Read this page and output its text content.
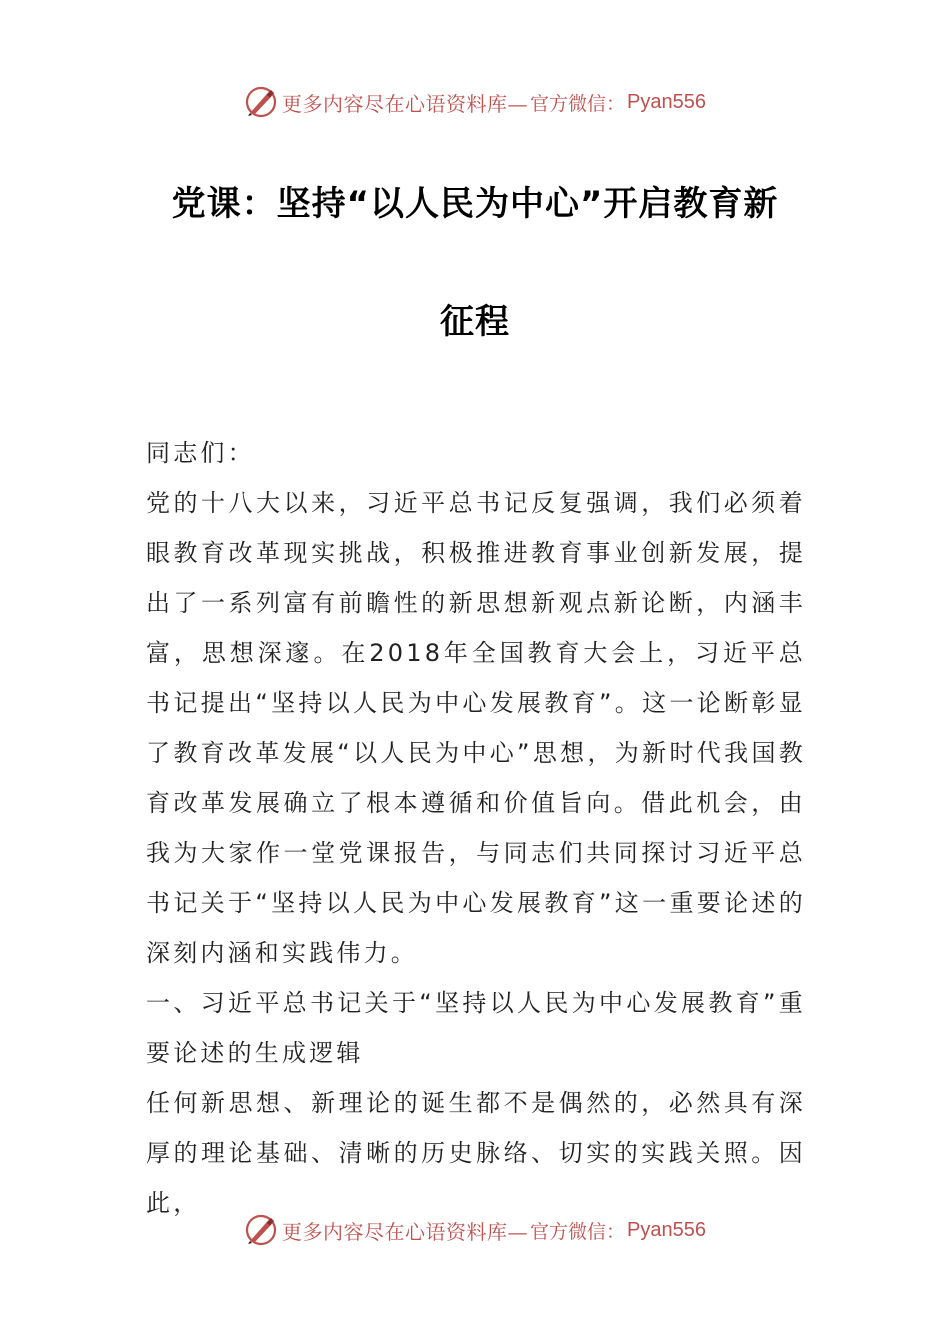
更多内容尽在心语资料库— 官方微信： Pyan556
党课：坚持“以人民为中心”开启教育新
征程

同志们：

党的十八大以来，习近平总书记反复强调，我们必须着眼教育改革现实挑战，积极推进教育事业创新发展，提出了一系列富有前瞻性的新思想新观点新论断，内涵丰富，思想深邃。在2018年全国教育大会上，习近平总书记提出“坚持以人民为中心发展教育”。这一论断彰显了教育改革发展“以人民为中心”思想，为新时代我国教育改革发展确立了根本遵循和价值旨向。借此机会，由我为大家作一堂党课报告，与同志们共同探讨习近平总书记关于“坚持以人民为中心发展教育”这一重要论述的深刻内涵和实践伟力。

一、习近平总书记关于“坚持以人民为中心发展教育”重要论述的生成逻辑

任何新思想、新理论的诞生都不是偶然的，必然具有深厚的理论基础、清晰的历史脉络、切实的实践关照。因此，

更多内容尽在心语资料库— 官方微信： Pyan556
